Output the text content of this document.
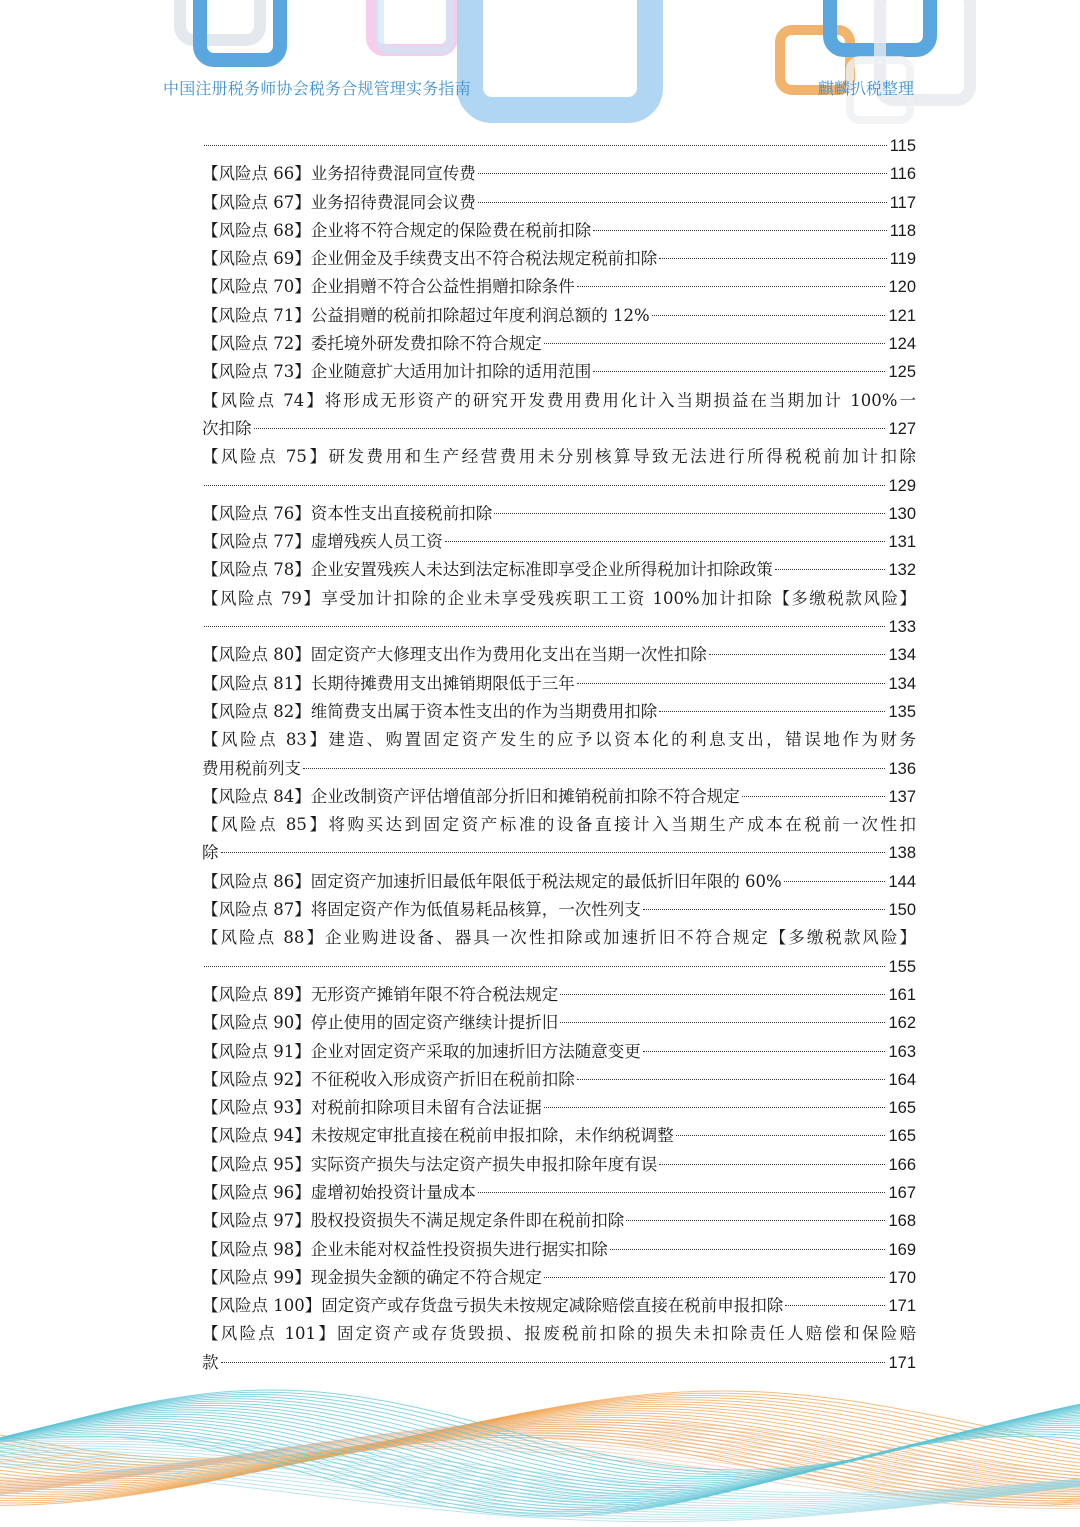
中国注册税务师协会税务合规管理实务指南	麒麟扒税整理
115
【风险点 66】业务招待费混同宣传费	116
【风险点 67】业务招待费混同会议费	117
【风险点 68】企业将不符合规定的保险费在税前扣除	118
【风险点 69】企业佣金及手续费支出不符合税法规定税前扣除	119
【风险点 70】企业捐赠不符合公益性捐赠扣除条件	120
【风险点 71】公益捐赠的税前扣除超过年度利润总额的 12%	121
【风险点 72】委托境外研发费扣除不符合规定	124
【风险点 73】企业随意扩大适用加计扣除的适用范围	125
【风险点 74】将形成无形资产的研究开发费用费用化计入当期损益在当期加计 100%一
次扣除	127
【风险点 75】研发费用和生产经营费用未分别核算导致无法进行所得税税前加计扣除
129
【风险点 76】资本性支出直接税前扣除	130
【风险点 77】虚增残疾人员工资	131
【风险点 78】企业安置残疾人未达到法定标准即享受企业所得税加计扣除政策	132
【风险点 79】享受加计扣除的企业未享受残疾职工工资 100%加计扣除【多缴税款风险】
133
【风险点 80】固定资产大修理支出作为费用化支出在当期一次性扣除	134
【风险点 81】长期待摊费用支出摊销期限低于三年	134
【风险点 82】维简费支出属于资本性支出的作为当期费用扣除	135
【风险点 83】建造、购置固定资产发生的应予以资本化的利息支出，错误地作为财务
费用税前列支	136
【风险点 84】企业改制资产评估增值部分折旧和摊销税前扣除不符合规定	137
【风险点 85】将购买达到固定资产标准的设备直接计入当期生产成本在税前一次性扣
除	138
【风险点 86】固定资产加速折旧最低年限低于税法规定的最低折旧年限的 60%	144
【风险点 87】将固定资产作为低值易耗品核算，一次性列支	150
【风险点 88】企业购进设备、器具一次性扣除或加速折旧不符合规定【多缴税款风险】
155
【风险点 89】无形资产摊销年限不符合税法规定	161
【风险点 90】停止使用的固定资产继续计提折旧	162
【风险点 91】企业对固定资产采取的加速折旧方法随意变更	163
【风险点 92】不征税收入形成资产折旧在税前扣除	164
【风险点 93】对税前扣除项目未留有合法证据	165
【风险点 94】未按规定审批直接在税前申报扣除，未作纳税调整	165
【风险点 95】实际资产损失与法定资产损失申报扣除年度有误	166
【风险点 96】虚增初始投资计量成本	167
【风险点 97】股权投资损失不满足规定条件即在税前扣除	168
【风险点 98】企业未能对权益性投资损失进行据实扣除	169
【风险点 99】现金损失金额的确定不符合规定	170
【风险点 100】固定资产或存货盘亏损失未按规定减除赔偿直接在税前申报扣除	171
【风险点 101】固定资产或存货毁损、报废税前扣除的损失未扣除责任人赔偿和保险赔
款	171
